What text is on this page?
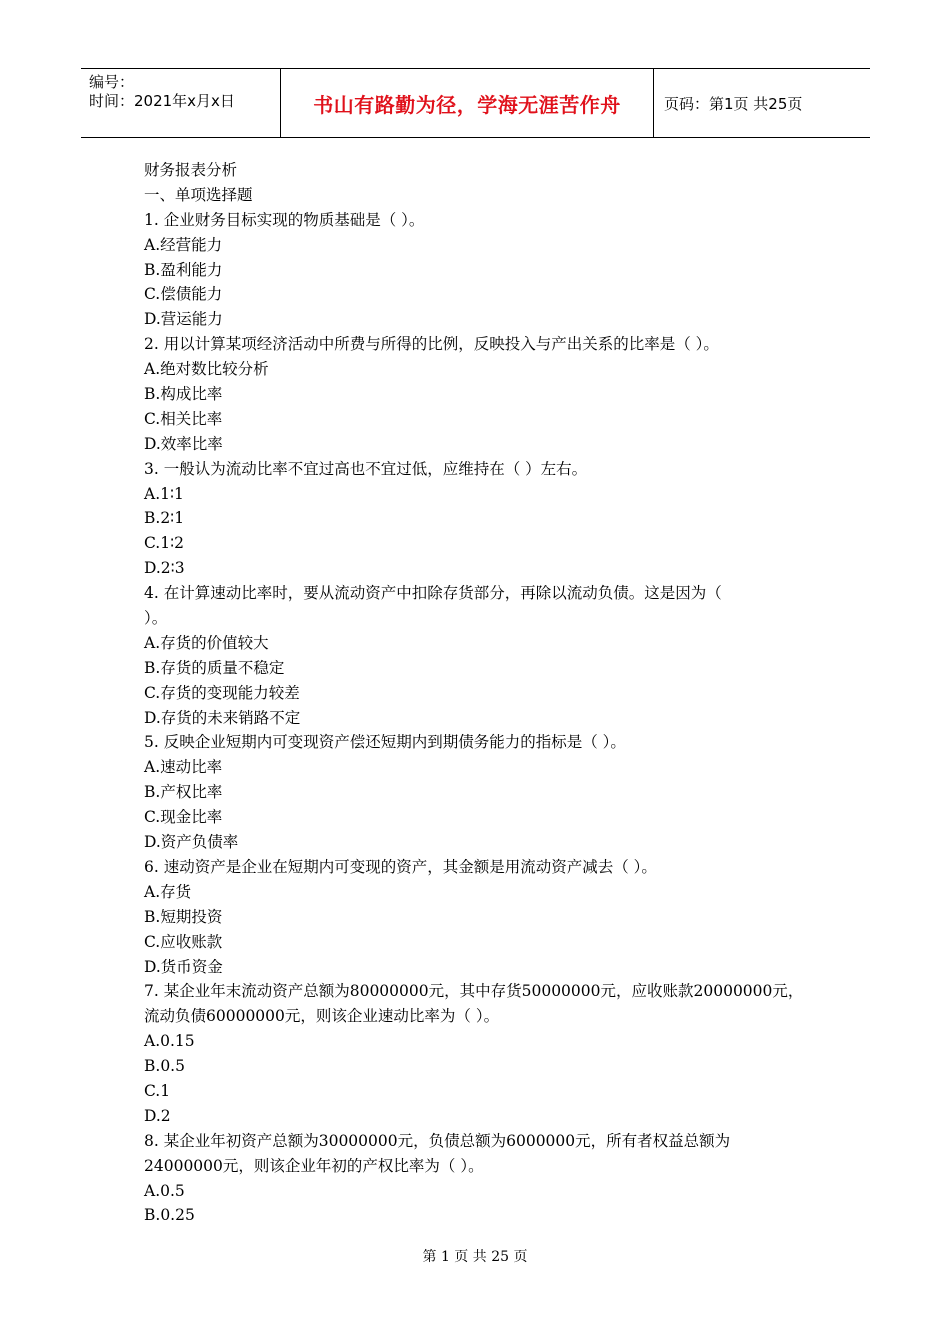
编号：
时间：2021年x月x日	书山有路勤为径，学海无涯苦作舟	页码：第1页 共25页
财务报表分析
一、单项选择题
1. 企业财务目标实现的物质基础是（ ）。
A.经营能力
B.盈利能力
C.偿债能力
D.营运能力
2. 用以计算某项经济活动中所费与所得的比例，反映投入与产出关系的比率是（ ）。
A.绝对数比较分析
B.构成比率
C.相关比率
D.效率比率
3. 一般认为流动比率不宜过高也不宜过低，应维持在（ ）左右。
A.1∶1
B.2∶1
C.1∶2
D.2∶3
4. 在计算速动比率时，要从流动资产中扣除存货部分，再除以流动负债。这是因为（
）。
A.存货的价值较大
B.存货的质量不稳定
C.存货的变现能力较差
D.存货的未来销路不定
5. 反映企业短期内可变现资产偿还短期内到期债务能力的指标是（ ）。
A.速动比率
B.产权比率
C.现金比率
D.资产负债率
6. 速动资产是企业在短期内可变现的资产，其金额是用流动资产减去（ ）。
A.存货
B.短期投资
C.应收账款
D.货币资金
7. 某企业年末流动资产总额为80000000元，其中存货50000000元，应收账款20000000元，
流动负债60000000元，则该企业速动比率为（ ）。
A.0.15
B.0.5
C.1
D.2
8. 某企业年初资产总额为30000000元，负债总额为6000000元，所有者权益总额为
24000000元，则该企业年初的产权比率为（ ）。
A.0.5
B.0.25
第 1 页 共 25 页
